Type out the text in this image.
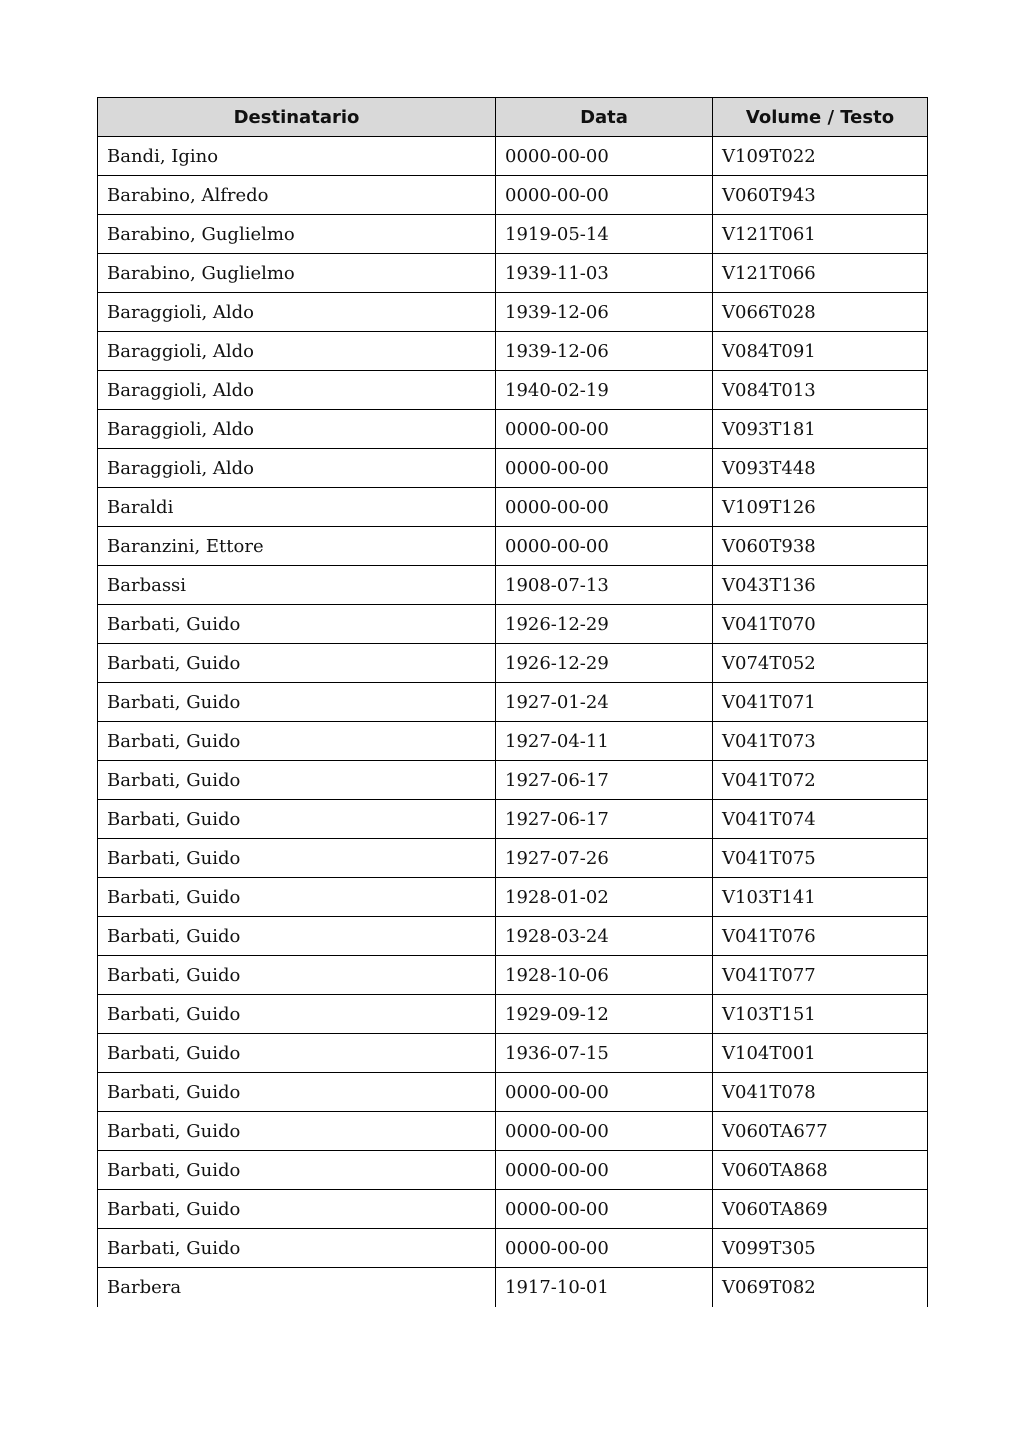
Destinatario	Data	Volume / Testo
Bandi, Igino	0000-00-00	V109T022
Barabino, Alfredo	0000-00-00	V060T943
Barabino, Guglielmo	1919-05-14	V121T061
Barabino, Guglielmo	1939-11-03	V121T066
Baraggioli, Aldo	1939-12-06	V066T028
Baraggioli, Aldo	1939-12-06	V084T091
Baraggioli, Aldo	1940-02-19	V084T013
Baraggioli, Aldo	0000-00-00	V093T181
Baraggioli, Aldo	0000-00-00	V093T448
Baraldi	0000-00-00	V109T126
Baranzini, Ettore	0000-00-00	V060T938
Barbassi	1908-07-13	V043T136
Barbati, Guido	1926-12-29	V041T070
Barbati, Guido	1926-12-29	V074T052
Barbati, Guido	1927-01-24	V041T071
Barbati, Guido	1927-04-11	V041T073
Barbati, Guido	1927-06-17	V041T072
Barbati, Guido	1927-06-17	V041T074
Barbati, Guido	1927-07-26	V041T075
Barbati, Guido	1928-01-02	V103T141
Barbati, Guido	1928-03-24	V041T076
Barbati, Guido	1928-10-06	V041T077
Barbati, Guido	1929-09-12	V103T151
Barbati, Guido	1936-07-15	V104T001
Barbati, Guido	0000-00-00	V041T078
Barbati, Guido	0000-00-00	V060TA677
Barbati, Guido	0000-00-00	V060TA868
Barbati, Guido	0000-00-00	V060TA869
Barbati, Guido	0000-00-00	V099T305
Barbera	1917-10-01	V069T082
